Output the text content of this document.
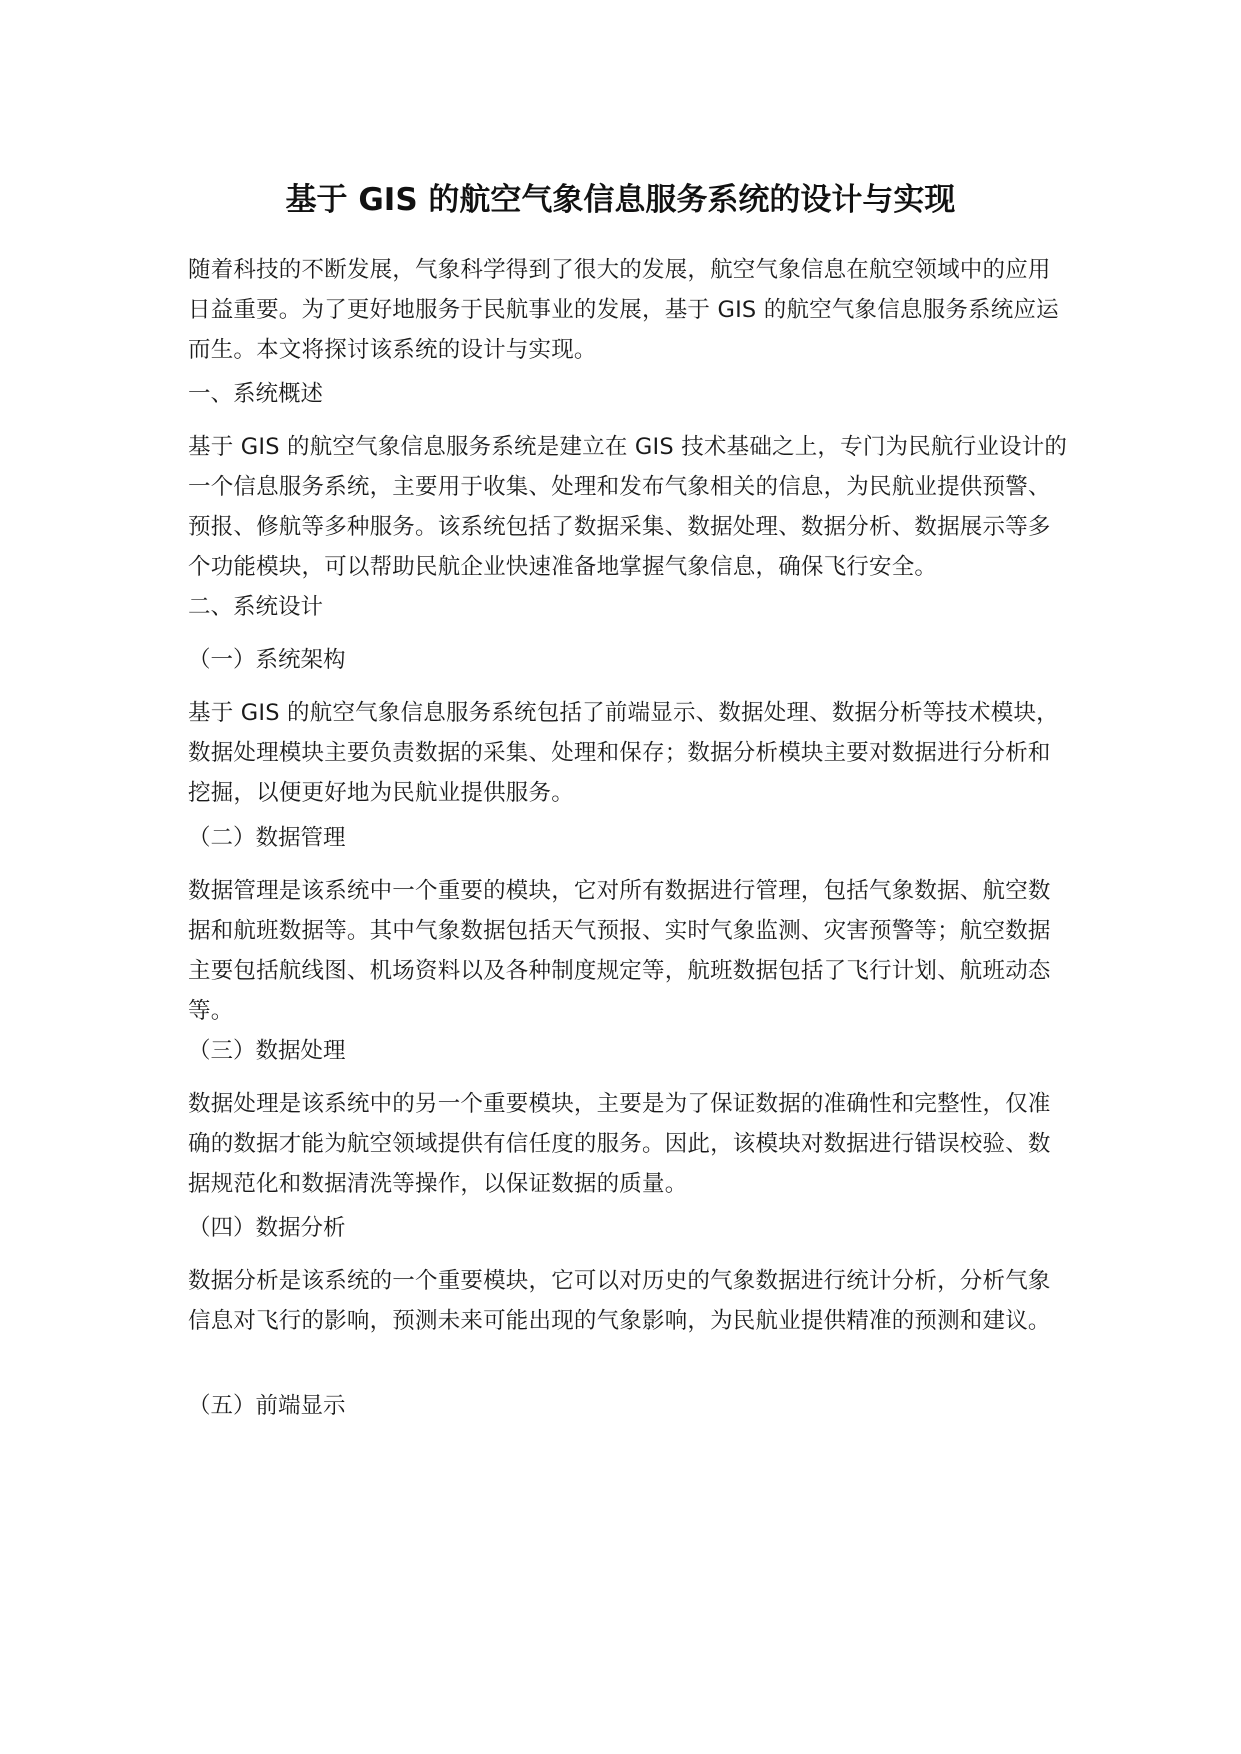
基于 GIS 的航空气象信息服务系统的设计与实现

随着科技的不断发展，气象科学得到了很大的发展，航空气象信息在航空领域中的应用日益重要。为了更好地服务于民航事业的发展，基于 GIS 的航空气象信息服务系统应运而生。本文将探讨该系统的设计与实现。

一、系统概述

基于 GIS 的航空气象信息服务系统是建立在 GIS 技术基础之上，专门为民航行业设计的一个信息服务系统，主要用于收集、处理和发布气象相关的信息，为民航业提供预警、预报、修航等多种服务。该系统包括了数据采集、数据处理、数据分析、数据展示等多个功能模块，可以帮助民航企业快速准备地掌握气象信息，确保飞行安全。

二、系统设计
（一）系统架构

基于 GIS 的航空气象信息服务系统包括了前端显示、数据处理、数据分析等技术模块，数据处理模块主要负责数据的采集、处理和保存；数据分析模块主要对数据进行分析和挖掘，以便更好地为民航业提供服务。

（二）数据管理

数据管理是该系统中一个重要的模块，它对所有数据进行管理，包括气象数据、航空数据和航班数据等。其中气象数据包括天气预报、实时气象监测、灾害预警等；航空数据主要包括航线图、机场资料以及各种制度规定等，航班数据包括了飞行计划、航班动态等。

（三）数据处理

数据处理是该系统中的另一个重要模块，主要是为了保证数据的准确性和完整性，仅准确的数据才能为航空领域提供有信任度的服务。因此，该模块对数据进行错误校验、数据规范化和数据清洗等操作，以保证数据的质量。

（四）数据分析

数据分析是该系统的一个重要模块，它可以对历史的气象数据进行统计分析，分析气象信息对飞行的影响，预测未来可能出现的气象影响，为民航业提供精准的预测和建议。

（五）前端显示
